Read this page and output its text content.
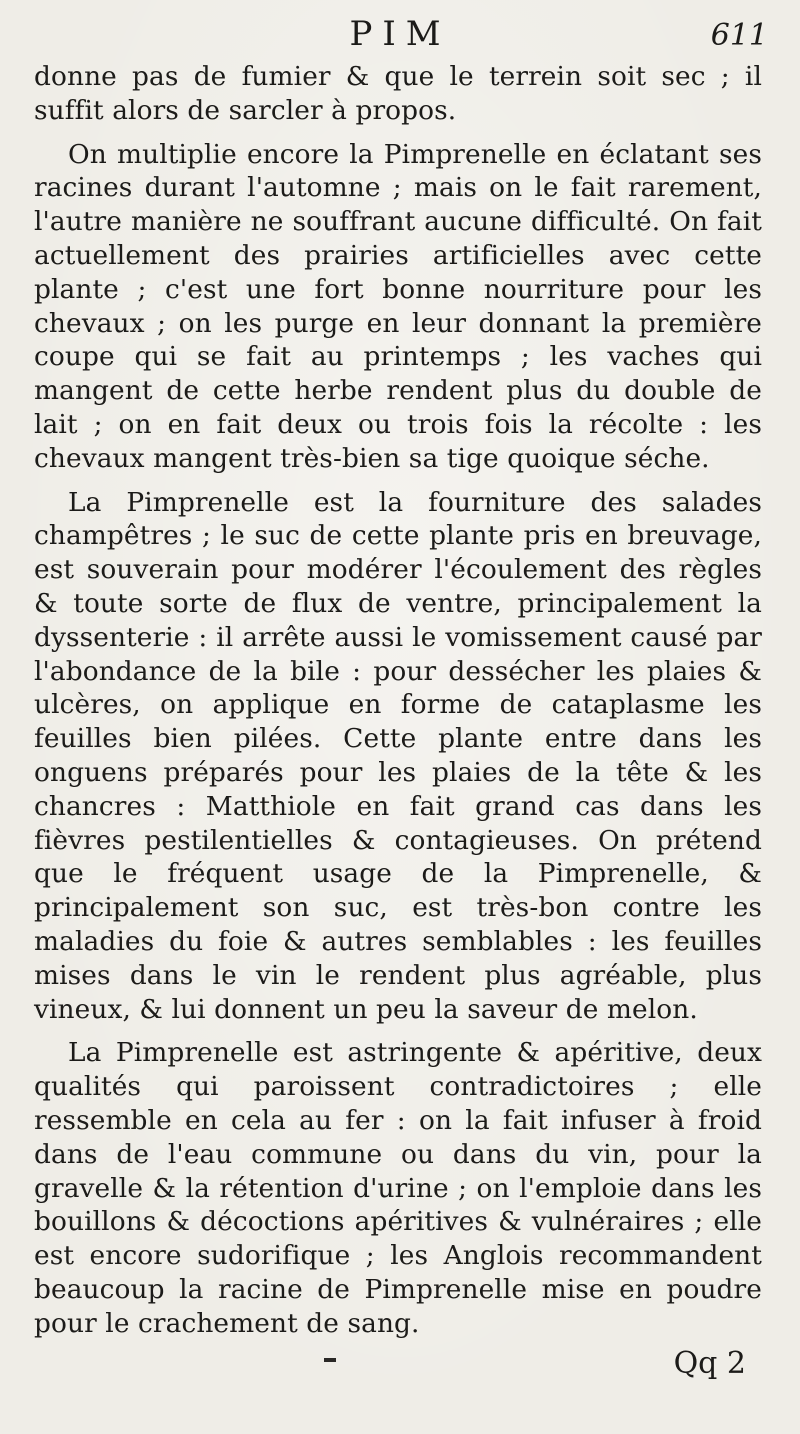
PIM	611

donne pas de fumier & que le terrein soit sec ; il suffit alors de sarcler à propos.

On multiplie encore la Pimprenelle en éclatant ses racines durant l'automne ; mais on le fait rarement, l'autre manière ne souffrant aucune difficulté. On fait actuellement des prairies artificielles avec cette plante ; c'est une fort bonne nourriture pour les chevaux ; on les purge en leur donnant la première coupe qui se fait au printemps ; les vaches qui mangent de cette herbe rendent plus du double de lait ; on en fait deux ou trois fois la récolte : les chevaux mangent très-bien sa tige quoique séche.

La Pimprenelle est la fourniture des salades champêtres ; le suc de cette plante pris en breuvage, est souverain pour modérer l'écoulement des règles & toute sorte de flux de ventre, principalement la dyssenterie : il arrête aussi le vomissement causé par l'abondance de la bile : pour dessécher les plaies & ulcères, on applique en forme de cataplasme les feuilles bien pilées. Cette plante entre dans les onguens préparés pour les plaies de la tête & les chancres : Matthiole en fait grand cas dans les fièvres pestilentielles & contagieuses. On prétend que le fréquent usage de la Pimprenelle, & principalement son suc, est très-bon contre les maladies du foie & autres semblables : les feuilles mises dans le vin le rendent plus agréable, plus vineux, & lui donnent un peu la saveur de melon.

La Pimprenelle est astringente & apéritive, deux qualités qui paroissent contradictoires ; elle ressemble en cela au fer : on la fait infuser à froid dans de l'eau commune ou dans du vin, pour la gravelle & la rétention d'urine ; on l'emploie dans les bouillons & décoctions apéritives & vulnéraires ; elle est encore sudorifique ; les Anglois recommandent beaucoup la racine de Pimprenelle mise en poudre pour le crachement de sang.

Qq 2
